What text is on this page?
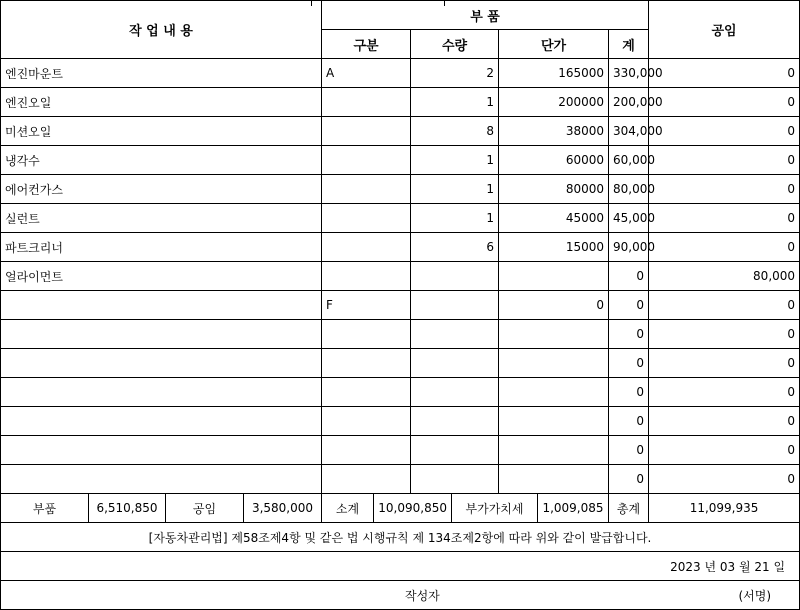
작 업 내 용				부 품							공임
				구분		수량		단가		계	
엔진마운트				A		2		165000		330,000	0
엔진오일						1		200000		200,000	0
미션오일						8		38000		304,000	0
냉각수						1		60000		60,000	0
에어컨가스						1		80000		80,000	0
실런트						1		45000		45,000	0
파트크리너						6		15000		90,000	0
얼라이먼트										0	80,000
				F				0		0	0
										0	0
										0	0
										0	0
										0	0
										0	0
										0	0
부품	6,510,850	공임	3,580,000	소계	10,090,850		부가가치세		1,009,085	총계	11,099,935
[자동차관리법] 제58조제4항 및 같은 법 시행규칙 제 134조제2항에 따라 위와 같이 발급합니다.											
2023 년 03 월 21 일											

작성자 (서명)											
